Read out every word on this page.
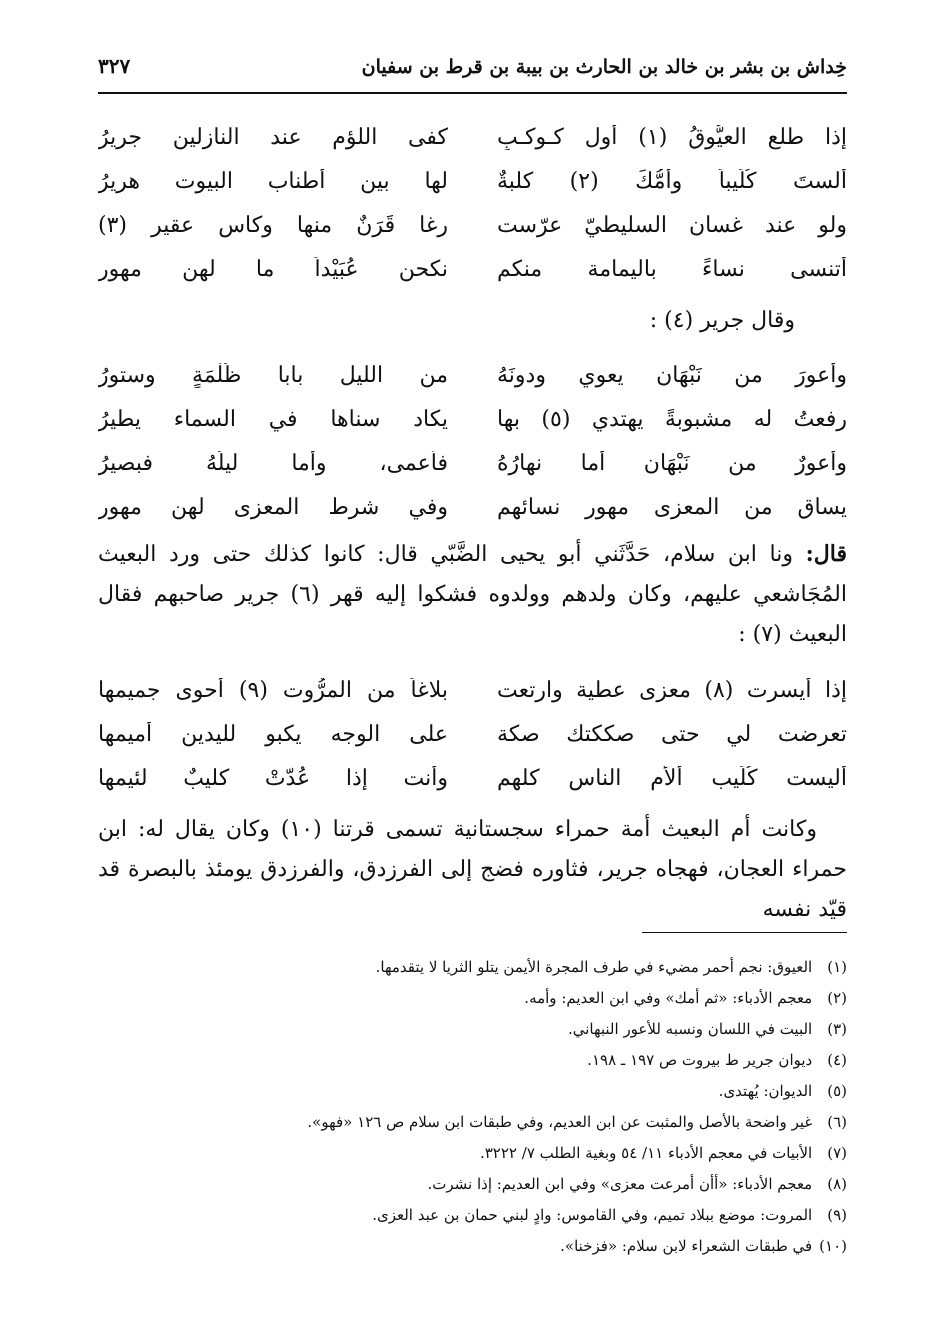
خِداش بن بشر بن خالد بن الحارث بن بيبة بن قرط بن سفيان
٣٢٧
إذا طلع العيُّوقُ (١) أول كـوكـبٍ
كفى اللؤم عند النازلين جريرُ
ألستَ كُلَيباً وأمُّكَ (٢) كلبةٌ
لها بين أطناب البيوت هريرُ
ولو عند غسان السليطيّ عرّست
رغا قَرَنٌ منها وكاس عقير (٣)
أتنسى نساءً باليمامة منكم
نكحن عُبَيْداً ما لهن مهور
وقال جرير (٤) :
وأعورَ من نَبْهَان يعوي ودونَهُ
من الليل بابا ظُلْمَةٍ وستورُ
رفعتُ له مشبوبةً يهتدي (٥) بها
يكاد سناها في السماء يطيرُ
وأعورٌ من نَبْهَان أما نهارُهُ
فأعمى، وأما ليلُهُ فبصيرُ
يساق من المعزى مهور نسائهم
وفي شرط المعزى لهن مهور
قال: ونا ابن سلام، حَدَّثَني أبو يحيى الضَّبّي قال: كانوا كذلك حتى ورد البعيث المُجَاشعي عليهم، وكان ولدهم وولدوه فشكوا إليه قهر (٦) جرير صاحبهم فقال البعيث (٧) :
إذا أيسرت (٨) معزى عطية وارتعت
بلاغاً من المرُّوت (٩) أحوى جميمها
تعرضت لي حتى صككتك صكة
على الوجه يكبو لليدين أميمها
أليست كُلَيب ألأم الناس كلهم
وأنت إذا عُدّتْ كليبٌ لئيمها
وكانت أم البعيث أمة حمراء سجستانية تسمى قرتنا (١٠) وكان يقال له: ابن حمراء العجان، فهجاه جرير، فثاوره فضج إلى الفرزدق، والفرزدق يومئذ بالبصرة قد قيّد نفسه
(١) العيوق: نجم أحمر مضيء في طرف المجرة الأيمن يتلو الثريا لا يتقدمها.
(٢) معجم الأدباء: «ثم أمك» وفي ابن العديم: وأمه.
(٣) البيت في اللسان ونسبه للأعور النبهاني.
(٤) ديوان جرير ط بيروت ص ١٩٧ ـ ١٩٨.
(٥) الديوان: يُهتدى.
(٦) غير واضحة بالأصل والمثبت عن ابن العديم، وفي طبقات ابن سلام ص ١٢٦ «فهو».
(٧) الأبيات في معجم الأدباء ١١/ ٥٤ وبغية الطلب ٧/ ٣٢٢٢.
(٨) معجم الأدباء: «أأن أمرعت معزى» وفي ابن العديم: إذا نشرت.
(٩) المروت: موضع ببلاد تميم، وفي القاموس: وادٍ لبني حمان بن عبد العزى.
(١٠) في طبقات الشعراء لابن سلام: «فزخنا».
